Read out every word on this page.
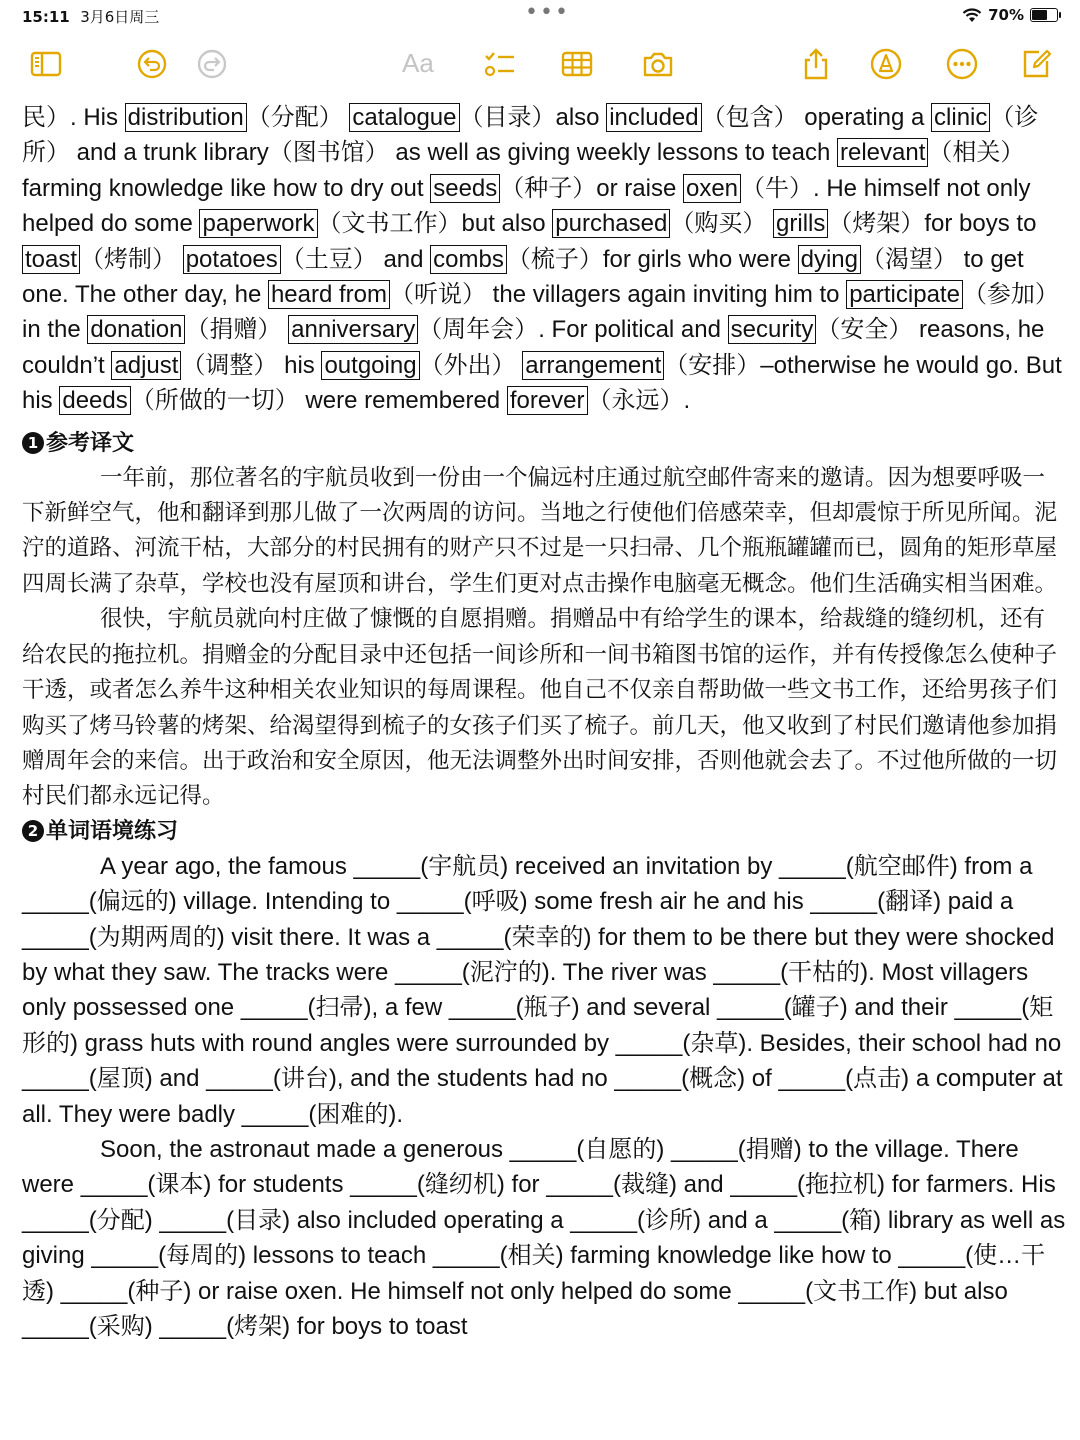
15:11 3月6日周三	•••	70%
Aa

民）. His distribution （分配） catalogue （目录）also included （包含） operating a clinic （诊所） and a trunk library（图书馆） as well as giving weekly lessons to teach relevant （相关） farming knowledge like how to dry out seeds （种子）or raise oxen （牛）. He himself not only helped do some paperwork （文书工作）but also purchased （购买） grills （烤架）for boys to toast （烤制） potatoes （土豆） and combs （梳子）for girls who were dying （渴望） to get one. The other day, he heard from （听说） the villagers again inviting him to participate （参加） in the donation （捐赠） anniversary （周年会）. For political and security （安全） reasons, he couldn’t adjust （调整） his outgoing （外出） arrangement （安排）–otherwise he would go. But his deeds （所做的一切） were remembered forever （永远）.

1 参考译文

一年前，那位著名的宇航员收到一份由一个偏远村庄通过航空邮件寄来的邀请。因为想要呼吸一下新鲜空气，他和翻译到那儿做了一次两周的访问。当地之行使他们倍感荣幸，但却震惊于所见所闻。泥泞的道路、河流干枯，大部分的村民拥有的财产只不过是一只扫帚、几个瓶瓶罐罐而已，圆角的矩形草屋四周长满了杂草，学校也没有屋顶和讲台，学生们更对点击操作电脑毫无概念。他们生活确实相当困难。

很快，宇航员就向村庄做了慷慨的自愿捐赠。捐赠品中有给学生的课本，给裁缝的缝纫机，还有给农民的拖拉机。捐赠金的分配目录中还包括一间诊所和一间书箱图书馆的运作，并有传授像怎么使种子干透，或者怎么养牛这种相关农业知识的每周课程。他自己不仅亲自帮助做一些文书工作，还给男孩子们购买了烤马铃薯的烤架、给渴望得到梳子的女孩子们买了梳子。前几天，他又收到了村民们邀请他参加捐赠周年会的来信。出于政治和安全原因，他无法调整外出时间安排，否则他就会去了。不过他所做的一切村民们都永远记得。

2 单词语境练习

A year ago, the famous _____(宇航员) received an invitation by _____(航空邮件) from a _____(偏远的) village. Intending to _____(呼吸) some fresh air he and his _____(翻译) paid a _____(为期两周的) visit there. It was a _____(荣幸的) for them to be there but they were shocked by what they saw. The tracks were _____(泥泞的). The river was _____(干枯的). Most villagers only possessed one _____(扫帚), a few _____(瓶子) and several _____(罐子) and their _____(矩形的) grass huts with round angles were surrounded by _____(杂草). Besides, their school had no _____(屋顶) and _____(讲台), and the students had no _____(概念) of _____(点击) a computer at all. They were badly _____(困难的).

Soon, the astronaut made a generous _____(自愿的) _____(捐赠) to the village. There were _____(课本) for students _____(缝纫机) for _____(裁缝) and _____(拖拉机) for farmers. His _____(分配) _____(目录) also included operating a _____(诊所) and a _____(箱) library as well as giving _____(每周的) lessons to teach _____(相关) farming knowledge like how to _____(使…干透) _____(种子) or raise oxen. He himself not only helped do some _____(文书工作) but also _____(采购) _____(烤架) for boys to toast
